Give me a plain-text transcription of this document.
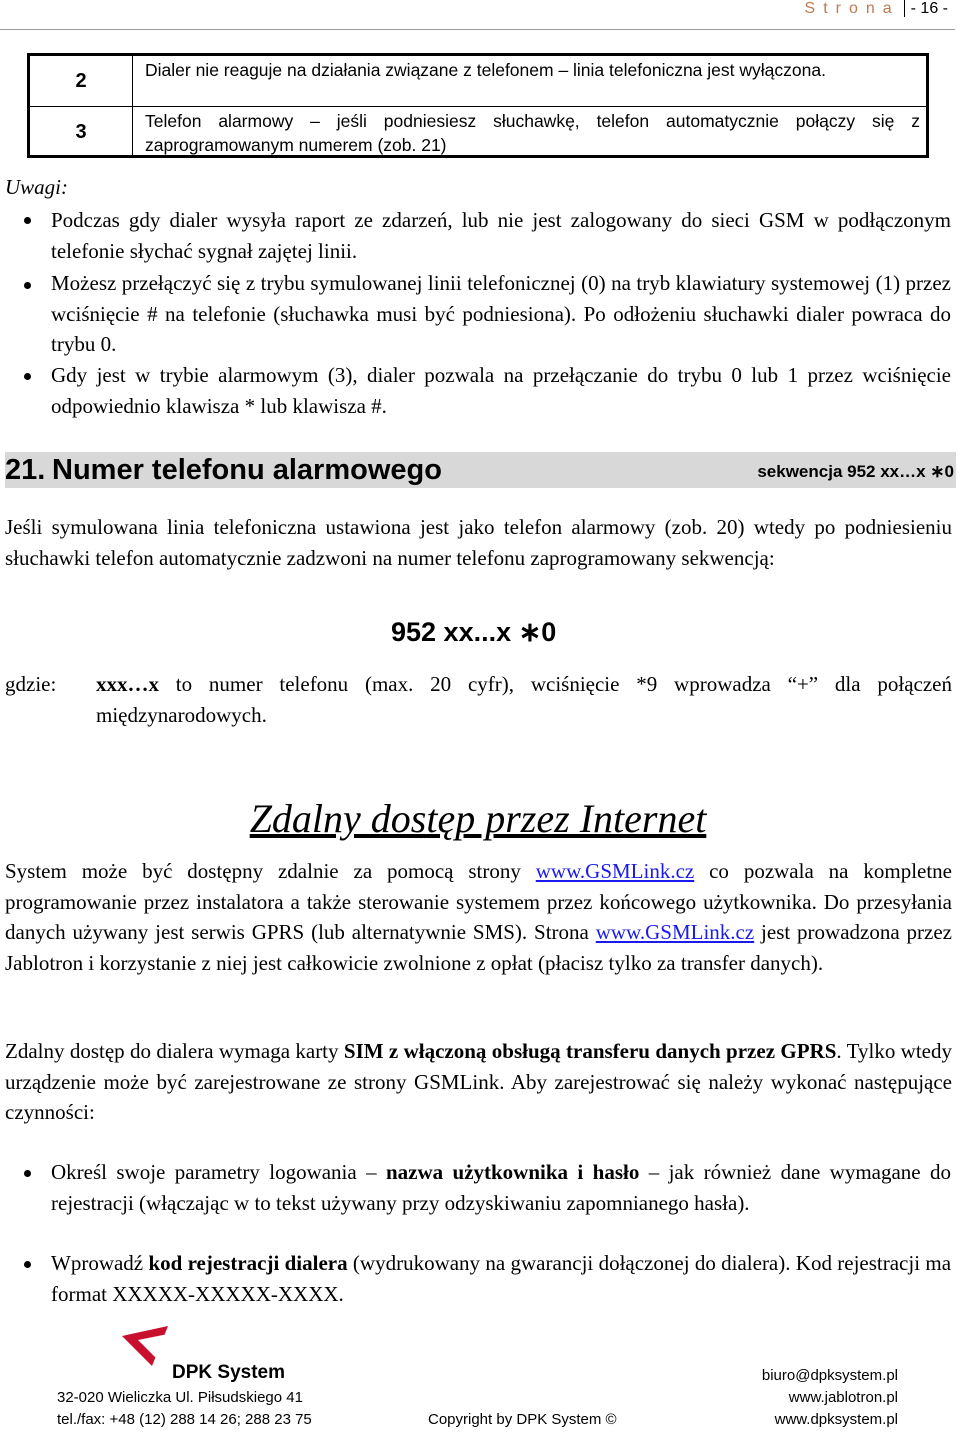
Strona - 16 -
2	Dialer nie reaguje na działania związane z telefonem – linia telefoniczna jest wyłączona.
3	Telefon alarmowy – jeśli podniesiesz słuchawkę, telefon automatycznie połączy się z zaprogramowanym numerem (zob. 21)
Uwagi:
Podczas gdy dialer wysyła raport ze zdarzeń, lub nie jest zalogowany do sieci GSM w podłączonym telefonie słychać sygnał zajętej linii.
Możesz przełączyć się z trybu symulowanej linii telefonicznej (0) na tryb klawiatury systemowej (1) przez wciśnięcie # na telefonie (słuchawka musi być podniesiona). Po odłożeniu słuchawki dialer powraca do trybu 0.
Gdy jest w trybie alarmowym (3), dialer pozwala na przełączanie do trybu 0 lub 1 przez wciśnięcie odpowiednio klawisza * lub klawisza #.
21. Numer telefonu alarmowego	sekwencja 952 xx…x ∗0
Jeśli symulowana linia telefoniczna ustawiona jest jako telefon alarmowy (zob. 20) wtedy po podniesieniu słuchawki telefon automatycznie zadzwoni na numer telefonu zaprogramowany sekwencją:
952 xx...x ∗0
gdzie: xxx…x to numer telefonu (max. 20 cyfr), wciśnięcie *9 wprowadza “+” dla połączeń międzynarodowych.
Zdalny dostęp przez Internet
System może być dostępny zdalnie za pomocą strony www.GSMLink.cz co pozwala na kompletne programowanie przez instalatora a także sterowanie systemem przez końcowego użytkownika. Do przesyłania danych używany jest serwis GPRS (lub alternatywnie SMS). Strona www.GSMLink.cz jest prowadzona przez Jablotron i korzystanie z niej jest całkowicie zwolnione z opłat (płacisz tylko za transfer danych).
Zdalny dostęp do dialera wymaga karty SIM z włączoną obsługą transferu danych przez GPRS. Tylko wtedy urządzenie może być zarejestrowane ze strony GSMLink. Aby zarejestrować się należy wykonać następujące czynności:
Określ swoje parametry logowania – nazwa użytkownika i hasło – jak również dane wymagane do rejestracji (włączając w to tekst używany przy odzyskiwaniu zapomnianego hasła).
Wprowadź kod rejestracji dialera (wydrukowany na gwarancji dołączonej do dialera). Kod rejestracji ma format XXXXX-XXXXX-XXXX.
DPK System
32-020 Wieliczka Ul. Piłsudskiego 41
tel./fax: +48 (12) 288 14 26; 288 23 75	Copyright by DPK System ©
biuro@dpksystem.pl
www.jablotron.pl
www.dpksystem.pl
